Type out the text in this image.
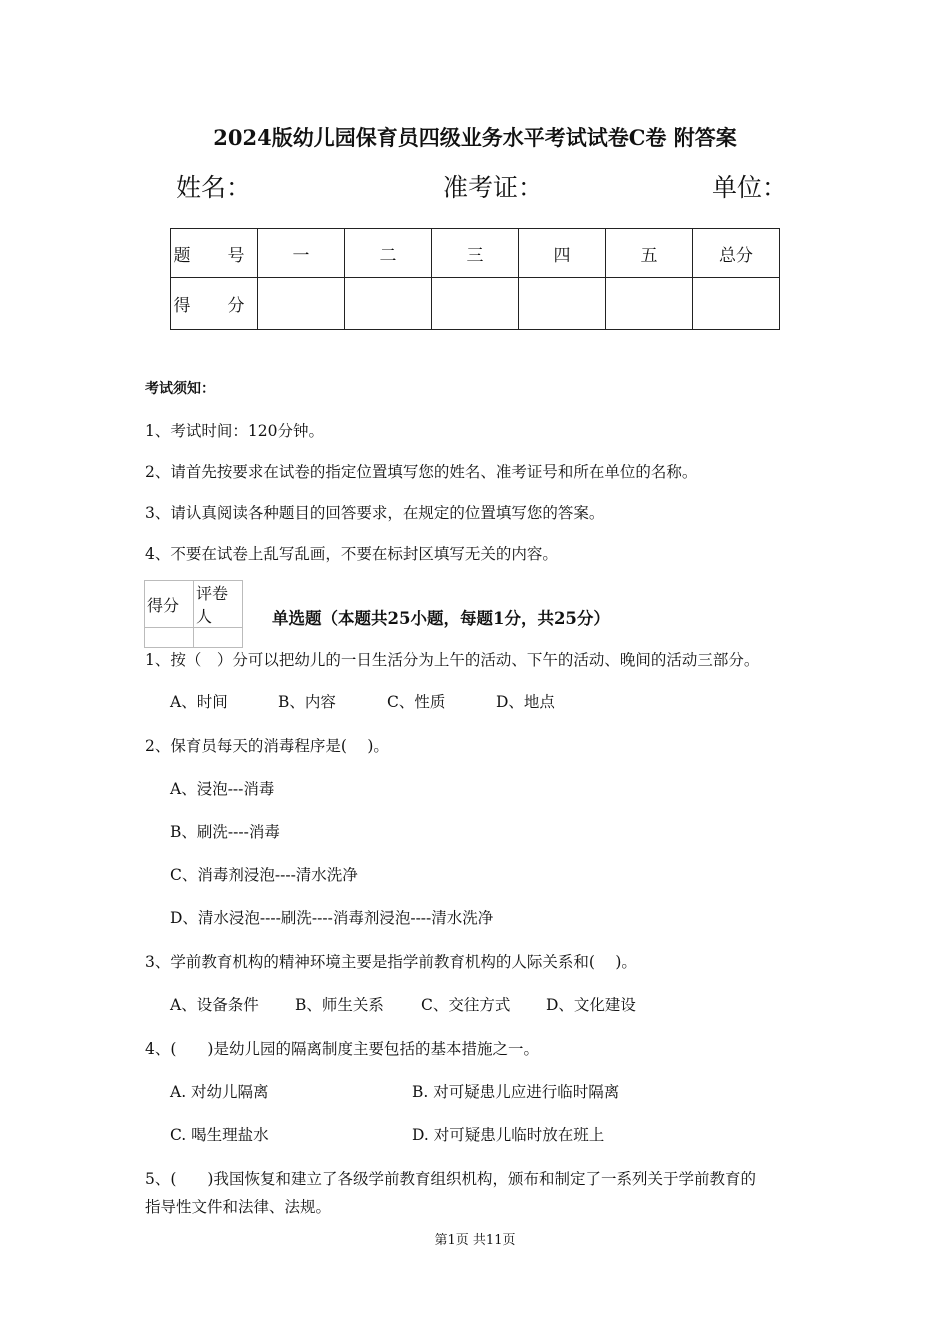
2024版幼儿园保育员四级业务水平考试试卷C卷 附答案
姓名：	准考证：	单位：
题　号	一	二	三	四	五	总分
得　分						
考试须知：
1、考试时间：120分钟。
2、请首先按要求在试卷的指定位置填写您的姓名、准考证号和所在单位的名称。
3、请认真阅读各种题目的回答要求，在规定的位置填写您的答案。
4、不要在试卷上乱写乱画，不要在标封区填写无关的内容。
得分	评卷人
		单选题（本题共25小题，每题1分，共25分）
1、按（　）分可以把幼儿的一日生活分为上午的活动、下午的活动、晚间的活动三部分。
A、时间	B、内容	C、性质	D、地点
2、保育员每天的消毒程序是(　 )。
A、浸泡---消毒
B、刷洗----消毒
C、消毒剂浸泡----清水洗净
D、清水浸泡----刷洗----消毒剂浸泡----清水洗净
3、学前教育机构的精神环境主要是指学前教育机构的人际关系和(　 )。
A、设备条件 B、师生关系 C、交往方式 D、文化建设
4、(　　)是幼儿园的隔离制度主要包括的基本措施之一。
A. 对幼儿隔离	B. 对可疑患儿应进行临时隔离
C. 喝生理盐水	D. 对可疑患儿临时放在班上
5、(　　)我国恢复和建立了各级学前教育组织机构，颁布和制定了一系列关于学前教育的
指导性文件和法律、法规。
第1页 共11页
